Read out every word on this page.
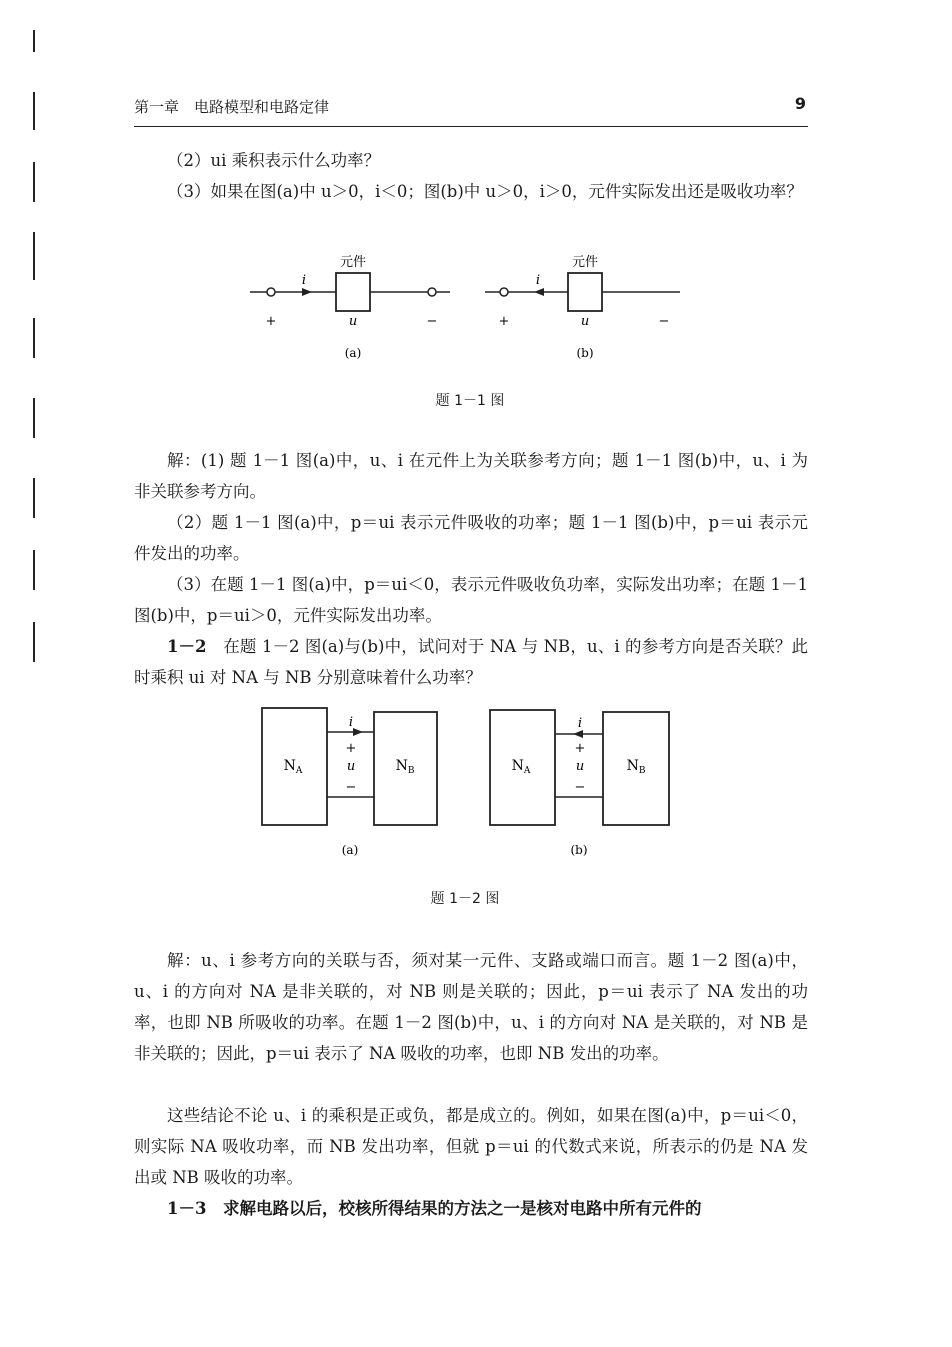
第一章　电路模型和电路定律	9

（2）ui 乘积表示什么功率？

（3）如果在图(a)中 u＞0，i＜0；图(b)中 u＞0，i＞0，元件实际发出还是吸收功率？

元件
i
+	u	−
(a)
元件
i
+	u	−
(b)
题 1－1 图

解：(1) 题 1－1 图(a)中，u、i 在元件上为关联参考方向；题 1－1 图(b)中，u、i 为非关联参考方向。

（2）题 1－1 图(a)中，p＝ui 表示元件吸收的功率；题 1－1 图(b)中，p＝ui 表示元件发出的功率。

（3）在题 1－1 图(a)中，p＝ui＜0，表示元件吸收负功率，实际发出功率；在题 1－1 图(b)中，p＝ui＞0，元件实际发出功率。

1－2　 在题 1－2 图(a)与(b)中，试问对于 NA 与 NB，u、i 的参考方向是否关联？此时乘积 ui 对 NA 与 NB 分别意味着什么功率？

i
+
u
−
$N_A$	$N_B$
(a)
i
+
u
−
$N_A$	$N_B$
(b)
题 1－2 图

解：u、i 参考方向的关联与否，须对某一元件、支路或端口而言。题 1－2 图(a)中，u、i 的方向对 NA 是非关联的，对 NB 则是关联的；因此，p＝ui 表示了 NA 发出的功率，也即 NB 所吸收的功率。在题 1－2 图(b)中，u、i 的方向对 NA 是关联的，对 NB 是非关联的；因此，p＝ui 表示了 NA 吸收的功率，也即 NB 发出的功率。

这些结论不论 u、i 的乘积是正或负，都是成立的。例如，如果在图(a)中，p＝ui＜0，则实际 NA 吸收功率，而 NB 发出功率，但就 p＝ui 的代数式来说，所表示的仍是 NA 发出或 NB 吸收的功率。

1－3　 求解电路以后，校核所得结果的方法之一是核对电路中所有元件的
